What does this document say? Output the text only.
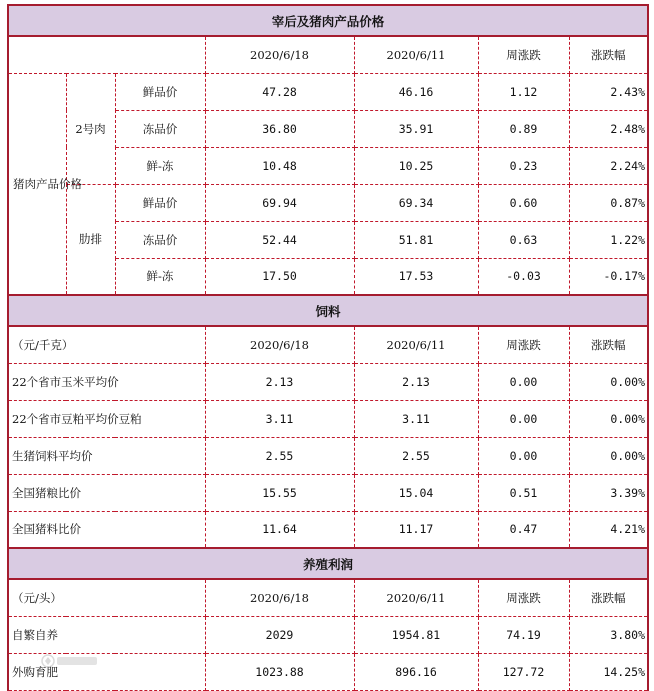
宰后及猪肉产品价格						
			2020/6/18	2020/6/11	周涨跌	涨跌幅
猪肉产品价格	2号肉	鲜品价	47.28	46.16	1.12	2.43%
		冻品价	36.80	35.91	0.89	2.48%
		鲜-冻	10.48	10.25	0.23	2.24%
	肋排	鲜品价	69.94	69.34	0.60	0.87%
		冻品价	52.44	51.81	0.63	1.22%
		鲜-冻	17.50	17.53	-0.03	-0.17%
饲料						
（元/千克）			2020/6/18	2020/6/11	周涨跌	涨跌幅
22个省市玉米平均价			2.13	2.13	0.00	0.00%
22个省市豆粕平均价豆粕			3.11	3.11	0.00	0.00%
生猪饲料平均价			2.55	2.55	0.00	0.00%
全国猪粮比价			15.55	15.04	0.51	3.39%
全国猪料比价			11.64	11.17	0.47	4.21%
养殖利润						
（元/头）			2020/6/18	2020/6/11	周涨跌	涨跌幅
自繁自养			2029	1954.81	74.19	3.80%
外购育肥			1023.88	896.16	127.72	14.25%
